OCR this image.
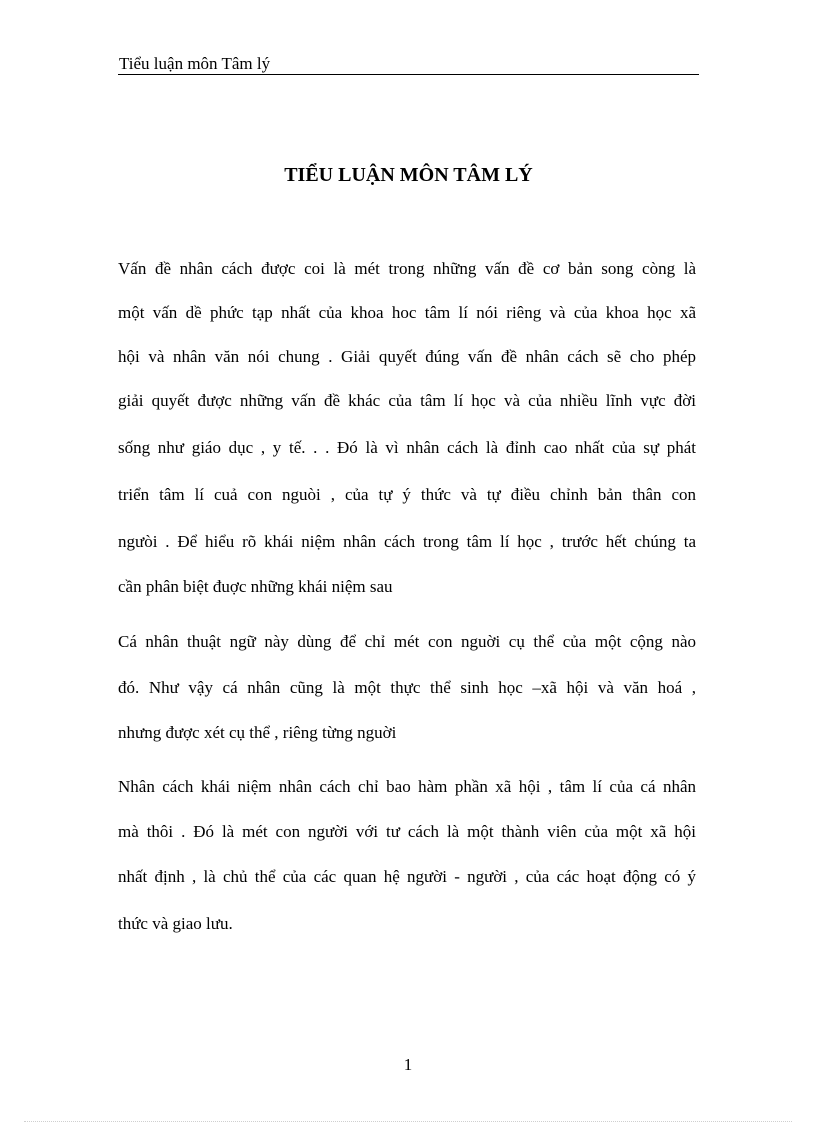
Tiểu luận môn Tâm lý
TIỂU LUẬN MÔN TÂM LÝ
Vấn đề nhân cách được coi là mét trong những vấn đề cơ bản song còng là
một vấn dề phức tạp nhất của khoa hoc tâm lí nói riêng và của khoa học xã
hội và nhân văn nói chung . Giải quyết đúng vấn đề nhân cách sẽ cho phép
giải quyết được những vấn đề khác của tâm lí học và của nhiều lĩnh vực đời
sống như giáo dục , y tế. . . Đó là vì nhân cách là đỉnh cao nhất của sự phát
triển tâm lí cuả con nguòi , của tự ý thức và tự điều chỉnh bản thân con
ngưòi . Để hiểu rõ khái niệm nhân cách trong tâm lí học , trước hết chúng ta
cần phân biệt đuợc những khái niệm sau
Cá nhân thuật ngữ này dùng để chỉ mét con nguời cụ thể của một cộng nào
đó. Như vậy cá nhân cũng là một thực thể sinh học –xã hội và văn hoá ,
nhưng được xét cụ thể , riêng từng nguời
Nhân cách khái niệm nhân cách chỉ bao hàm phần xã hội , tâm lí của cá nhân
mà thôi . Đó là mét con người với tư cách là một thành viên của một xã hội
nhất định , là chủ thể của các quan hệ người - người , của các hoạt động có ý
thức và giao lưu.
1
